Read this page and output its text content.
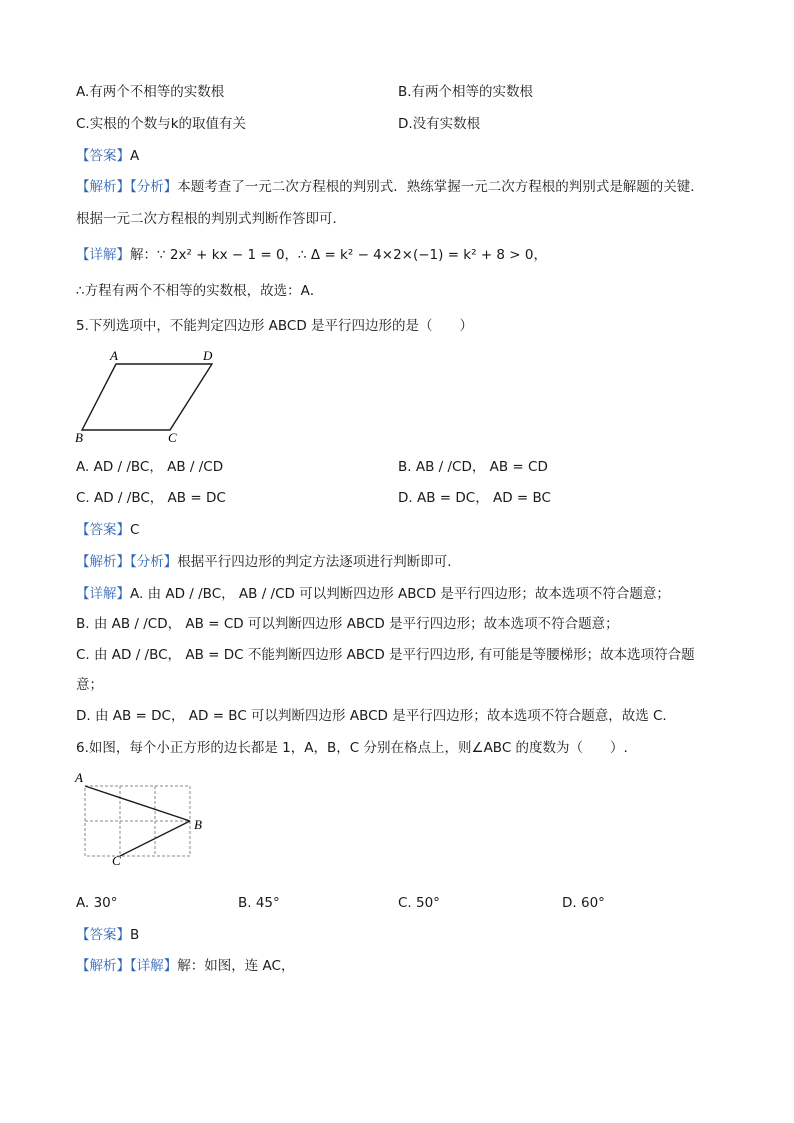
A.有两个不相等的实数根	B.有两个相等的实数根
C.实根的个数与k的取值有关	D.没有实数根
【答案】A
【解析】【分析】本题考查了一元二次方程根的判别式．熟练掌握一元二次方程根的判别式是解题的关键．
根据一元二次方程根的判别式判断作答即可．
【详解】解：∵ 2x² + kx − 1 = 0，∴ Δ = k² − 4×2×(−1) = k² + 8 > 0，
∴方程有两个不相等的实数根，故选：A．
5.下列选项中，不能判定四边形 ABCD 是平行四边形的是（　　）
A	D
B	C
A. AD / /BC， AB / /CD	B. AB / /CD， AB = CD
C. AD / /BC， AB = DC	D. AB = DC， AD = BC
【答案】C
【解析】【分析】根据平行四边形的判定方法逐项进行判断即可.
【详解】A. 由 AD / /BC， AB / /CD 可以判断四边形 ABCD 是平行四边形；故本选项不符合题意；
B. 由 AB / /CD， AB = CD 可以判断四边形 ABCD 是平行四边形；故本选项不符合题意；
C. 由 AD / /BC， AB = DC 不能判断四边形 ABCD 是平行四边形, 有可能是等腰梯形；故本选项符合题
意；
D. 由 AB = DC， AD = BC 可以判断四边形 ABCD 是平行四边形；故本选项不符合题意，故选 C.
6.如图，每个小正方形的边长都是 1，A，B，C 分别在格点上，则∠ABC 的度数为（　　）.
A
B
C
A. 30°	B. 45°	C. 50°	D. 60°
【答案】B
【解析】【详解】解：如图，连 AC，
